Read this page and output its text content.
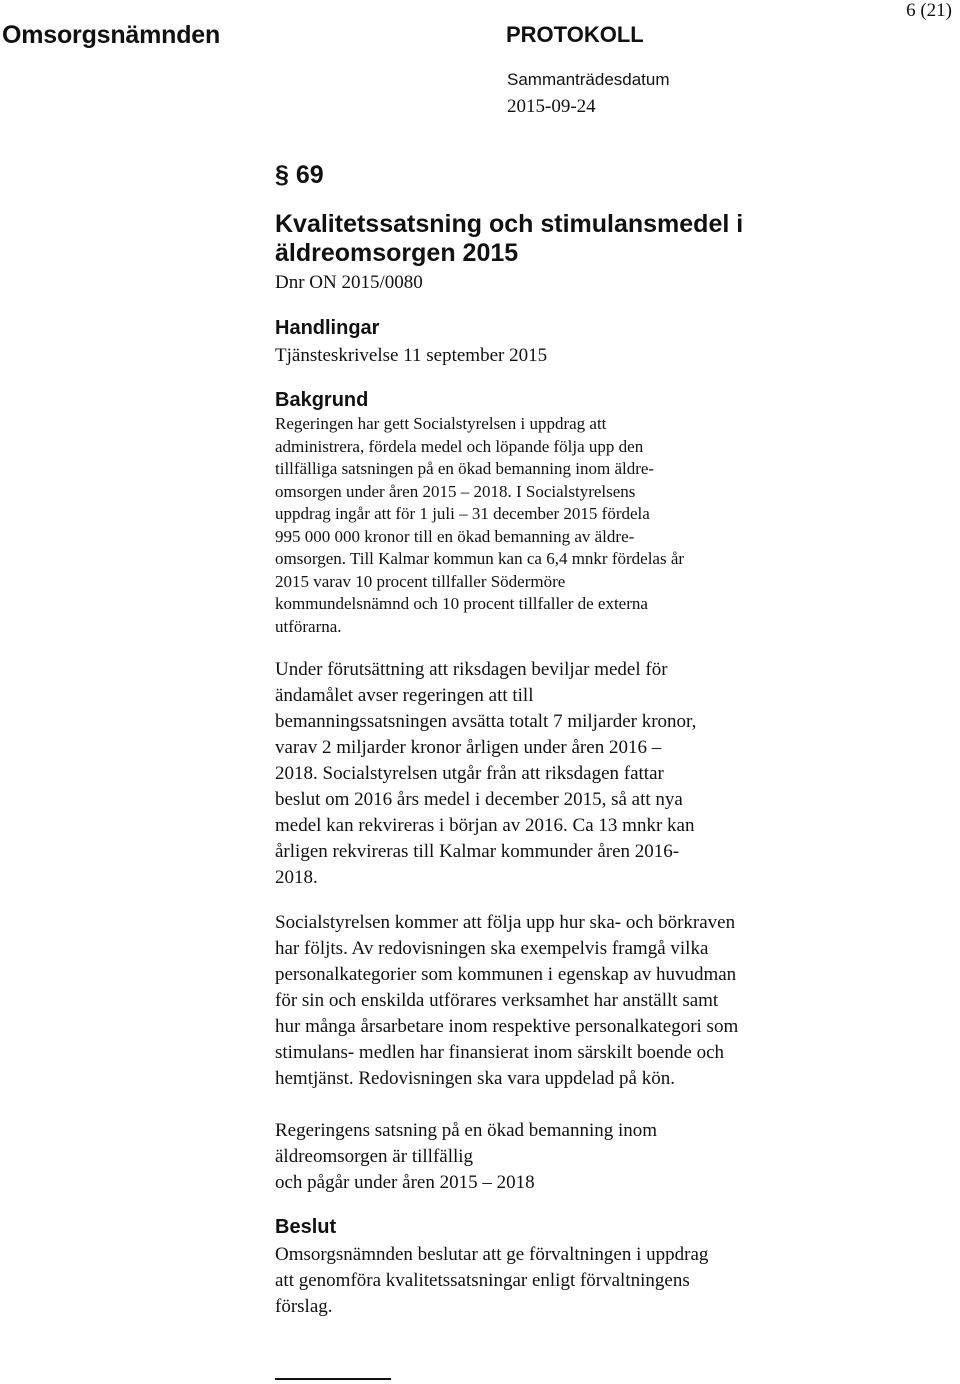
Omsorgsnämnden	PROTOKOLL
Sammanträdesdatum
2015-09-24
6 (21)
§ 69
Kvalitetssatsning och stimulansmedel i
äldreomsorgen 2015
Dnr ON 2015/0080
Handlingar
Tjänsteskrivelse 11 september 2015
Bakgrund
Regeringen har gett Socialstyrelsen i uppdrag att
administrera, fördela medel och löpande följa upp den
tillfälliga satsningen på en ökad bemanning inom äldre-
omsorgen under åren 2015 – 2018. I Socialstyrelsens
uppdrag ingår att för 1 juli – 31 december 2015 fördela
995 000 000 kronor till en ökad bemanning av äldre-
omsorgen. Till Kalmar kommun kan ca 6,4 mnkr fördelas år
2015 varav 10 procent tillfaller Södermöre
kommundelsnämnd och 10 procent tillfaller de externa
utförarna.
Under förutsättning att riksdagen beviljar medel för
ändamålet avser regeringen att till
bemanningssatsningen avsätta totalt 7 miljarder kronor,
varav 2 miljarder kronor årligen under åren 2016 –
2018. Socialstyrelsen utgår från att riksdagen fattar
beslut om 2016 års medel i december 2015, så att nya
medel kan rekvireras i början av 2016. Ca 13 mnkr kan
årligen rekvireras till Kalmar kommunder åren 2016-
2018.
Socialstyrelsen kommer att följa upp hur ska- och börkraven
har följts. Av redovisningen ska exempelvis framgå vilka
personalkategorier som kommunen i egenskap av huvudman
för sin och enskilda utförares verksamhet har anställt samt
hur många årsarbetare inom respektive personalkategori som
stimulans- medlen har finansierat inom särskilt boende och
hemtjänst. Redovisningen ska vara uppdelad på kön.
Regeringens satsning på en ökad bemanning inom
äldreomsorgen är tillfällig
och pågår under åren 2015 – 2018
Beslut
Omsorgsnämnden beslutar att ge förvaltningen i uppdrag
att genomföra kvalitetssatsningar enligt förvaltningens
förslag.
